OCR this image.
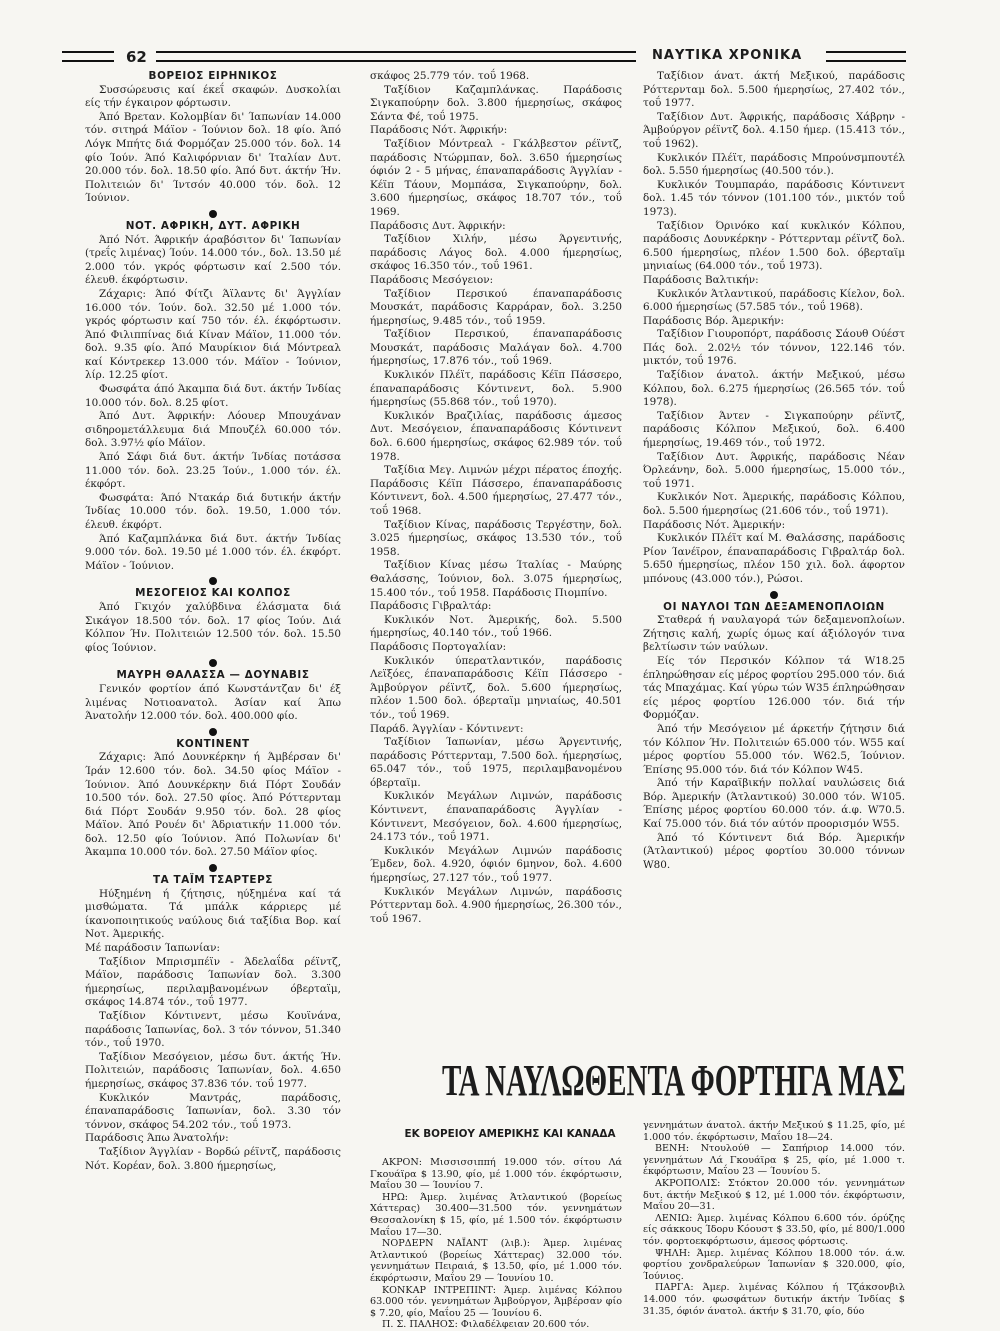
62	ΝΑΥΤΙΚΑ ΧΡΟΝΙΚΑ
ΒΟΡΕΙΟΣ ΕΙΡΗΝΙΚΟΣ

Συσσώρευσις καί έκεΐ σκαφών. Δυσκολίαι είς τήν έγκαιρον φόρτωσιν.

Άπό Βρεταν. Κολομβίαν δι' Ίαπωνίαν 14.000 τόν. σιτηρά Μάϊον - Ίούνιον δολ. 18 φίο. Άπό Λόγκ Μπήτς διά Φορμόζαν 25.000 τόν. δολ. 14 φίο Ίούν. Άπό Καλιφόρνιαν δι' Ίταλίαν Δυτ. 20.000 τόν. δολ. 18.50 φίο. Άπό δυτ. άκτήν Ήν. Πολιτειών δι' Ίντσόν 40.000 τόν. δολ. 12 Ίούνιον.

ΝΟΤ. ΑΦΡΙΚΗ, ΔΥΤ. ΑΦΡΙΚΗ

Άπό Νότ. Άφρικήν άραβόσιτον δι' Ίαπωνίαν (τρεΐς λιμένας) Ίούν. 14.000 τόν., δολ. 13.50 μέ 2.000 τόν. γκρός φόρτωσιν καί 2.500 τόν. έλευθ. έκφόρτωσιν.

Ζάχαρις: Άπό Φίτζι Άϊλαντς δι' Άγγλίαν 16.000 τόν. Ίούν. δολ. 32.50 μέ 1.000 τόν. γκρός φόρτωσιν καί 750 τόν. έλ. έκφόρτωσιν. Άπό Φιλιππίνας διά Κίναν Μάϊον, 11.000 τόν. δολ. 9.35 φίο. Άπό Μαυρίκιον διά Μόντρεαλ καί Κόντρεκερ 13.000 τόν. Μάϊον - Ίούνιον, λίρ. 12.25 φίοτ.

Φωσφάτα άπό Άκαμπα διά δυτ. άκτήν Ίνδίας 10.000 τόν. δολ. 8.25 φίοτ.

Άπό Δυτ. Άφρικήν: Λόουερ Μπουχάναν σιδηρομετάλλευμα διά Μπουζέλ 60.000 τόν. δολ. 3.97½ φίο Μάϊον.

Άπό Σάφι διά δυτ. άκτήν Ίνδίας ποτάσσα 11.000 τόν. δολ. 23.25 Ίούν., 1.000 τόν. έλ. έκφόρτ.

Φωσφάτα: Άπό Ντακάρ διά δυτικήν άκτήν Ίνδίας 10.000 τόν. δολ. 19.50, 1.000 τόν. έλευθ. έκφόρτ.

Άπό Καζαμπλάνκα διά δυτ. άκτήν Ίνδίας 9.000 τόν. δολ. 19.50 μέ 1.000 τόν. έλ. έκφόρτ. Μάϊον - Ίούνιον.

ΜΕΣΟΓΕΙΟΣ ΚΑΙ ΚΟΛΠΟΣ

Άπό Γκιχόν χαλύβδινα έλάσματα διά Σικάγον 18.500 τόν. δολ. 17 φίος Ίούν. Διά Κόλπον Ήν. Πολιτειών 12.500 τόν. δολ. 15.50 φίος Ίούνιον.

ΜΑΥΡΗ ΘΑΛΑΣΣΑ — ΔΟΥΝΑΒΙΣ

Γενικόν φορτίον άπό Κωνστάντζαν δι' έξ λιμένας Νοτιοανατολ. Άσίαν καί Άπω Άνατολήν 12.000 τόν. δολ. 400.000 φίο.

ΚΟΝΤΙΝΕΝΤ

Ζάχαρις: Άπό Δουνκέρκην ή Άμβέρσαν δι' Ίράν 12.600 τόν. δολ. 34.50 φίος Μάϊον - Ίούνιον. Άπό Δουνκέρκην διά Πόρτ Σουδάν 10.500 τόν. δολ. 27.50 φίος. Άπό Ρόττερνταμ διά Πόρτ Σουδάν 9.950 τόν. δολ. 28 φίος Μάϊον. Άπό Ρουέν δι' Άδριατικήν 11.000 τόν. δολ. 12.50 φίο Ίούνιον. Άπό Πολωνίαν δι' Άκαμπα 10.000 τόν. δολ. 27.50 Μάϊον φίος.

ΤΑ ΤΑΪΜ ΤΣΑΡΤΕΡΣ

Ηύξημένη ή ζήτησις, ηύξημένα καί τά μισθώματα. Τά μπάλκ κάρριερς μέ ίκανοποιητικούς ναύλους διά ταξίδια Βορ. καί Νοτ. Άμερικής.

Μέ παράδοσιν Ίαπωνίαν:

Ταξίδιον Μπρισμπέϊν - Άδελαΐδα ρέϊντζ, Μάϊον, παράδοσις Ίαπωνίαν δολ. 3.300 ήμερησίως, περιλαμβανομένων όβερταϊμ, σκάφος 14.874 τόν., τοΰ 1977.

Ταξίδιον Κόντινεντ, μέσω Κουϊνάνα, παράδοσις Ίαπωνίας, δολ. 3 τόν τόννον, 51.340 τόν., τοΰ 1970.

Ταξίδιον Μεσόγειον, μέσω δυτ. άκτής Ήν. Πολιτειών, παράδοσις Ίαπωνίαν, δολ. 4.650 ήμερησίως, σκάφος 37.836 τόν. τοΰ 1977.

Κυκλικόν Μαντράς, παράδοσις, έπαναπαράδοσις Ίαπωνίαν, δολ. 3.30 τόν τόννον, σκάφος 54.202 τόν., τοΰ 1973.

Παράδοσις Άπω Άνατολήν:

Ταξίδιον Άγγλίαν - Βορδώ ρέϊντζ, παράδοσις Νότ. Κορέαν, δολ. 3.800 ήμερησίως,

σκάφος 25.779 τόν. τοΰ 1968.

Ταξίδιον Καζαμπλάνκας. Παράδοσις Σιγκαπούρην δολ. 3.800 ήμερησίως, σκάφος Σάντα Φέ, τοΰ 1975.

Παράδοσις Νότ. Άφρικήν:

Ταξίδιον Μόντρεαλ - Γκάλβεστον ρέϊντζ, παράδοσις Ντώρμπαν, δολ. 3.650 ήμερησίως όφιόν 2 - 5 μήνας, έπαναπαράδοσις Άγγλίαν - Κέϊπ Τάουν, Μομπάσα, Σιγκαπούρην, δολ. 3.600 ήμερησίως, σκάφος 18.707 τόν., τοΰ 1969.

Παράδοσις Δυτ. Άφρικήν:

Ταξίδιον Χιλήν, μέσω Άργεντινής, παράδοσις Λάγος δολ. 4.000 ήμερησίως, σκάφος 16.350 τόν., τοΰ 1961.

Παράδοσις Μεσόγειον:

Ταξίδιον Περσικού έπαναπαράδοσις Μουσκάτ, παράδοσις Καρράραν, δολ. 3.250 ήμερησίως, 9.485 τόν., τοΰ 1959.

Ταξίδιον Περσικού, έπαναπαράδοσις Μουσκάτ, παράδοσις Μαλάγαν δολ. 4.700 ήμερησίως, 17.876 τόν., τοΰ 1969.

Κυκλικόν Πλέϊτ, παράδοσις Κέϊπ Πάσσερο, έπαναπαράδοσις Κόντινεντ, δολ. 5.900 ήμερησίως (55.868 τόν., τοΰ 1970).

Κυκλικόν Βραζιλίας, παράδοσις άμεσος Δυτ. Μεσόγειον, έπαναπαράδοσις Κόντινεντ δολ. 6.600 ήμερησίως, σκάφος 62.989 τόν. τοΰ 1978.

Ταξίδια Μεγ. Λιμνών μέχρι πέρατος έποχής. Παράδοσις Κέϊπ Πάσσερο, έπαναπαράδοσις Κόντινεντ, δολ. 4.500 ήμερησίως, 27.477 τόν., τοΰ 1968.

Ταξίδιον Κίνας, παράδοσις Τεργέστην, δολ. 3.025 ήμερησίως, σκάφος 13.530 τόν., τοΰ 1958.

Ταξίδιον Κίνας μέσω Ίταλίας - Μαύρης Θαλάσσης, Ίούνιον, δολ. 3.075 ήμερησίως, 15.400 τόν., τοΰ 1958. Παράδοσις Πιομπίνο.

Παράδοσις Γιβραλτάρ:

Κυκλικόν Νοτ. Άμερικής, δολ. 5.500 ήμερησίως, 40.140 τόν., τοΰ 1966.

Παράδοσις Πορτογαλίαν:

Κυκλικόν ύπερατλαντικόν, παράδοσις Λεϊξόες, έπαναπαράδοσις Κέϊπ Πάσσερο - Άμβούργον ρέϊντζ, δολ. 5.600 ήμερησίως, πλέον 1.500 δολ. όβερταϊμ μηνιαίως, 40.501 τόν., τοΰ 1969.

Παράδ. Άγγλίαν - Κόντινεντ:

Ταξίδιον Ίαπωνίαν, μέσω Άργεντινής, παράδοσις Ρόττερνταμ, 7.500 δολ. ήμερησίως, 65.047 τόν., τοΰ 1975, περιλαμβανομένου όβερταϊμ.

Κυκλικόν Μεγάλων Λιμνών, παράδοσις Κόντινεντ, έπαναπαράδοσις Άγγλίαν - Κόντινεντ, Μεσόγειον, δολ. 4.600 ήμερησίως, 24.173 τόν., τοΰ 1971.

Κυκλικόν Μεγάλων Λιμνών παράδοσις Έμδεν, δολ. 4.920, όφιόν 6μηνον, δολ. 4.600 ήμερησίως, 27.127 τόν., τοΰ 1977.

Κυκλικόν Μεγάλων Λιμνών, παράδοσις Ρόττερνταμ δολ. 4.900 ήμερησίως, 26.300 τόν., τοΰ 1967.

Ταξίδιον άνατ. άκτή Μεξικού, παράδοσις Ρόττερνταμ δολ. 5.500 ήμερησίως, 27.402 τόν., τοΰ 1977.

Ταξίδιον Δυτ. Άφρικής, παράδοσις Χάβρην - Άμβούργον ρέϊντζ δολ. 4.150 ήμερ. (15.413 τόν., τοΰ 1962).

Κυκλικόν Πλέϊτ, παράδοσις Μπρούνσμπουτέλ δολ. 5.550 ήμερησίως (40.500 τόν.).

Κυκλικόν Τουμπαράο, παράδοσις Κόντινεντ δολ. 1.45 τόν τόννον (101.100 τόν., μικτόν τοΰ 1973).

Ταξίδιον Όρινόκο καί κυκλικόν Κόλπου, παράδοσις Δουνκέρκην - Ρόττερνταμ ρέϊντζ δολ. 6.500 ήμερησίως, πλέον 1.500 δολ. όβερταϊμ μηνιαίως (64.000 τόν., τοΰ 1973).

Παράδοσις Βαλτικήν:

Κυκλικόν Άτλαντικού, παράδοσις Κίελον, δολ. 6.000 ήμερησίως (57.585 τόν., τοΰ 1968).

Παράδοσις Βόρ. Άμερικήν:

Ταξίδιον Γιουροπόρτ, παράδοσις Σάουθ Ούέστ Πάς δολ. 2.02½ τόν τόννον, 122.146 τόν. μικτόν, τοΰ 1976.

Ταξίδιον άνατολ. άκτήν Μεξικού, μέσω Κόλπου, δολ. 6.275 ήμερησίως (26.565 τόν. τοΰ 1978).

Ταξίδιον Άντεν - Σιγκαπούρην ρέϊντζ, παράδοσις Κόλπον Μεξικού, δολ. 6.400 ήμερησίως, 19.469 τόν., τοΰ 1972.

Ταξίδιον Δυτ. Άφρικής, παράδοσις Νέαν Όρλεάνην, δολ. 5.000 ήμερησίως, 15.000 τόν., τοΰ 1971.

Κυκλικόν Νοτ. Άμερικής, παράδοσις Κόλπου, δολ. 5.500 ήμερησίως (21.606 τόν., τοΰ 1971).

Παράδοσις Νότ. Άμερικήν:

Κυκλικόν Πλέϊτ καί Μ. Θαλάσσης, παράδοσις Ρίον Ίανέϊρον, έπαναπαράδοσις Γιβραλτάρ δολ. 5.650 ήμερησίως, πλέον 150 χιλ. δολ. άφορτον μπόνους (43.000 τόν.), Ρώσοι.

ΟΙ ΝΑΥΛΟΙ ΤΩΝ ΔΕΞΑΜΕΝΟΠΛΟΙΩΝ

Σταθερά ή ναυλαγορά τών δεξαμενοπλοίων. Ζήτησις καλή, χωρίς όμως καί άξιόλογόν τινα βελτίωσιν τών ναύλων.

Είς τόν Περσικόν Κόλπον τά W18.25 έπληρώθησαν είς μέρος φορτίου 295.000 τόν. διά τάς Μπαχάμας. Καί γύρω τών W35 έπληρώθησαν είς μέρος φορτίου 126.000 τόν. διά τήν Φορμόζαν.

Άπό τήν Μεσόγειον μέ άρκετήν ζήτησιν διά τόν Κόλπον Ήν. Πολιτειών 65.000 τόν. W55 καί μέρος φορτίου 55.000 τόν. W62.5, Ίούνιον. Έπίσης 95.000 τόν. διά τόν Κόλπον W45.

Άπό τήν Καραϊβικήν πολλαί ναυλώσεις διά Βόρ. Άμερικήν (Άτλαντικού) 30.000 τόν. W105. Έπίσης μέρος φορτίου 60.000 τόν. ά.φ. W70.5. Καί 75.000 τόν. διά τόν αύτόν προορισμόν W55.

Άπό τό Κόντινεντ διά Βόρ. Άμερικήν (Άτλαντικού) μέρος φορτίου 30.000 τόννων W80.

ΤΑ ΝΑΥΛΩΘΕΝΤΑ ΦΟΡΤΗΓΑ ΜΑΣ
ΕΚ ΒΟΡΕΙΟΥ ΑΜΕΡΙΚΗΣ ΚΑΙ ΚΑΝΑΔΑ

ΑΚΡΟΝ: Μισσισσιππή 19.000 τόν. σίτου Λά Γκουάϊρα $ 13.90, φίο, μέ 1.000 τόν. έκφόρτωσιν, Μαΐου 30 — Ίουνίου 7.

ΗΡΩ: Άμερ. λιμένας Άτλαντικού (βορείως Χάττερας) 30.400—31.500 τόν. γεννημάτων Θεσσαλονίκη $ 15, φίο, μέ 1.500 τόν. έκφόρτωσιν Μαΐου 17—30.

ΝΟΡΔΕΡΝ ΝΑΪΑΝΤ (λιβ.): Άμερ. λιμένας Άτλαντικού (βορείως Χάττερας) 32.000 τόν. γεννημάτων Πειραιά, $ 13.50, φίο, μέ 1.000 τόν. έκφόρτωσιν, Μαΐου 29 — Ίουνίου 10.

ΚΟΝΚΑΡ ΙΝΤΡΕΠΙΝΤ: Άμερ. λιμένας Κόλπου 63.000 τόν. γεννημάτων Άμβούργον, Άμβέρσαν φίο $ 7.20, φίο, Μαΐου 25 — Ίουνίου 6.

Π. Σ. ΠΑΛΗΟΣ: Φιλαδέλφειαν 20.600 τόν.

γεννημάτων άνατολ. άκτήν Μεξικού $ 11.25, φίο, μέ 1.000 τόν. έκφόρτωσιν, Μαΐου 18—24.

ΒΕΝΗ: Ντουλούθ — Σαπήριορ 14.000 τόν. γεννημάτων Λά Γκουάϊρα $ 25, φίο, μέ 1.000 τ. έκφόρτωσιν, Μαΐου 23 — Ίουνίου 5.

ΑΚΡΟΠΟΛΙΣ: Στόκτον 20.000 τόν. γεννημάτων δυτ. άκτήν Μεξικού $ 12, μέ 1.000 τόν. έκφόρτωσιν, Μαΐου 20—31.

ΛΕΝΙΩ: Άμερ. λιμένας Κόλπου 6.600 τόν. όρύζης είς σάκκους Ίδορυ Κόουστ $ 33.50, φίο, μέ 800/1.000 τόν. φορτοεκφόρτωσιν, άμεσος φόρτωσις.

ΨΗΛΗ: Άμερ. λιμένας Κόλπου 18.000 τόν. ά.w. φορτίου χονδραλεύρων Ίαπωνίαν $ 320.000, φίο, Ίούνιος.

ΠΑΡΓΑ: Άμερ. λιμένας Κόλπου ή Τζάκσονβιλ 14.000 τόν. φωσφάτων δυτικήν άκτήν Ίνδίας $ 31.35, όφιόν άνατολ. άκτήν $ 31.70, φίο, δύο
